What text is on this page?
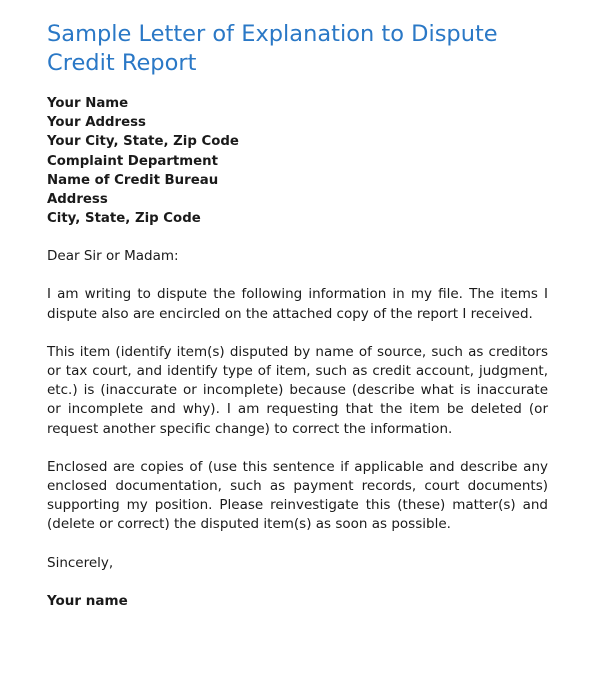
Sample Letter of Explanation to Dispute
Credit Report
Your Name
Your Address
Your City, State, Zip Code
Complaint Department
Name of Credit Bureau
Address
City, State, Zip Code
Dear Sir or Madam:

I am writing to dispute the following information in my file. The items I dispute also are encircled on the attached copy of the report I received.

This item (identify item(s) disputed by name of source, such as creditors or tax court, and identify type of item, such as credit account, judgment, etc.) is (inaccurate or incomplete) because (describe what is inaccurate or incomplete and why). I am requesting that the item be deleted (or request another specific change) to correct the information.

Enclosed are copies of (use this sentence if applicable and describe any enclosed documentation, such as payment records, court documents) supporting my position. Please reinvestigate this (these) matter(s) and (delete or correct) the disputed item(s) as soon as possible.

Sincerely,
Your name
